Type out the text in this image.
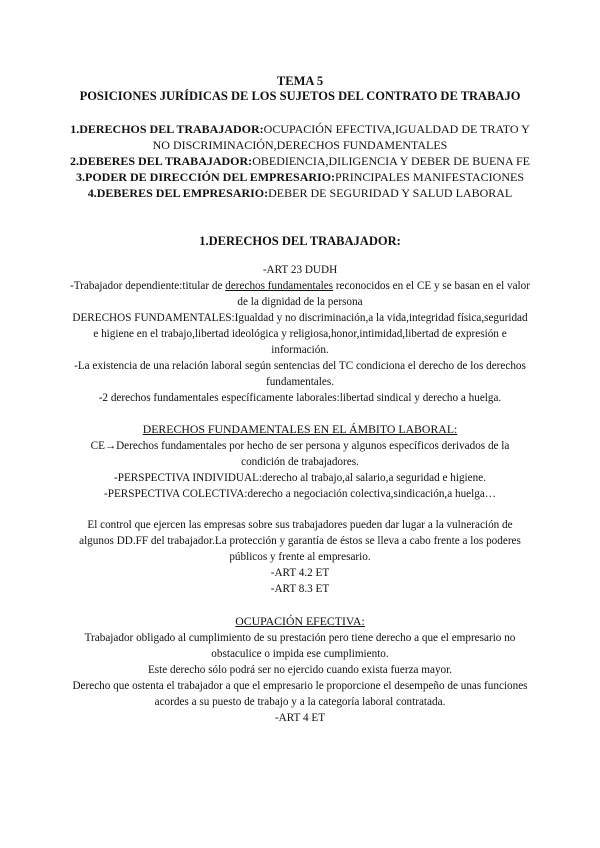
TEMA 5

POSICIONES JURÍDICAS DE LOS SUJETOS DEL CONTRATO DE TRABAJO

1.DERECHOS DEL TRABAJADOR:OCUPACIÓN EFECTIVA,IGUALDAD DE TRATO Y NO DISCRIMINACIÓN,DERECHOS FUNDAMENTALES

2.DEBERES DEL TRABAJADOR:OBEDIENCIA,DILIGENCIA Y DEBER DE BUENA FE

3.PODER DE DIRECCIÓN DEL EMPRESARIO:PRINCIPALES MANIFESTACIONES

4.DEBERES DEL EMPRESARIO:DEBER DE SEGURIDAD Y SALUD LABORAL

1.DERECHOS DEL TRABAJADOR:

-ART 23 DUDH

-Trabajador dependiente:titular de derechos fundamentales reconocidos en el CE y se basan en el valor de la dignidad de la persona

DERECHOS FUNDAMENTALES:Igualdad y no discriminación,a la vida,integridad física,seguridad e higiene en el trabajo,libertad ideológica y religiosa,honor,intimidad,libertad de expresión e información.

-La existencia de una relación laboral según sentencias del TC condiciona el derecho de los derechos fundamentales.

-2 derechos fundamentales específicamente laborales:libertad sindical y derecho a huelga.

DERECHOS FUNDAMENTALES EN EL ÁMBITO LABORAL:

CE→Derechos fundamentales por hecho de ser persona y algunos específicos derivados de la condición de trabajadores.

-PERSPECTIVA INDIVIDUAL:derecho al trabajo,al salario,a seguridad e higiene.

-PERSPECTIVA COLECTIVA:derecho a negociación colectiva,sindicación,a huelga…

El control que ejercen las empresas sobre sus trabajadores pueden dar lugar a la vulneración de algunos DD.FF del trabajador.La protección y garantía de éstos se lleva a cabo frente a los poderes públicos y frente al empresario.

-ART 4.2 ET

-ART 8.3 ET

OCUPACIÓN EFECTIVA:

Trabajador obligado al cumplimiento de su prestación pero tiene derecho a que el empresario no obstaculice o impida ese cumplimiento.

Este derecho sólo podrá ser no ejercido cuando exista fuerza mayor.

Derecho que ostenta el trabajador a que el empresario le proporcione el desempeño de unas funciones acordes a su puesto de trabajo y a la categoría laboral contratada.

-ART 4 ET
